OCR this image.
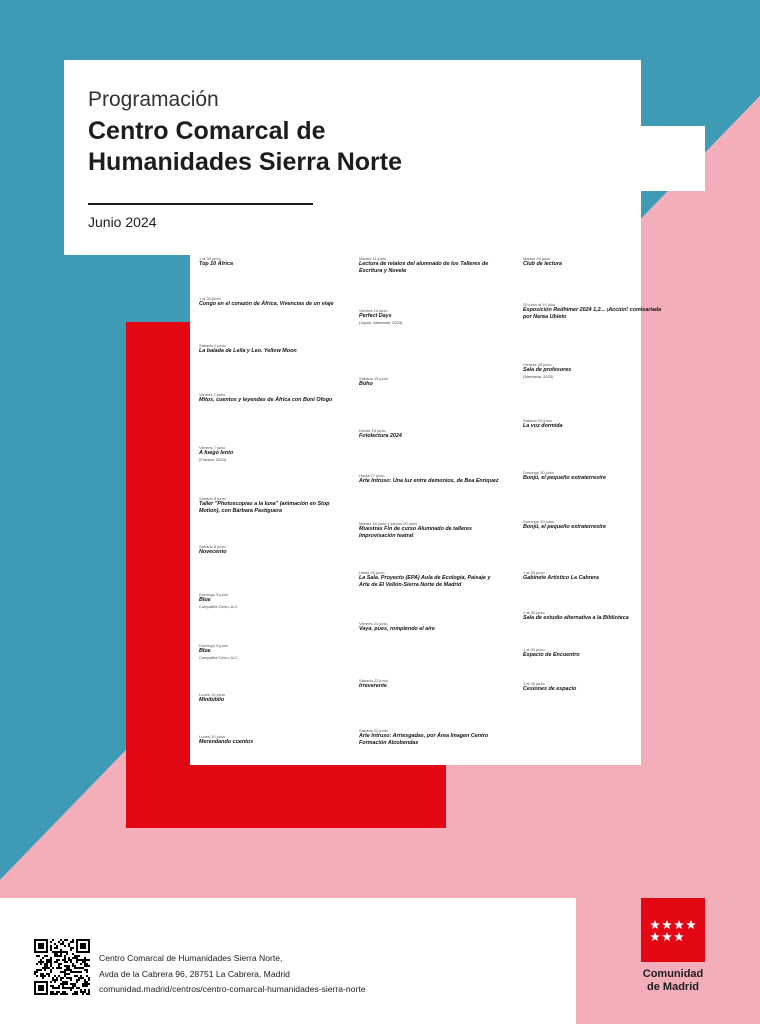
Programación
Centro Comarcal de
Humanidades Sierra Norte
Junio 2024
1 al 30 junio
Top 10 África
1 al 30 junio
Congo en el corazón de África, Vivencias de un viaje
Sábado 1 junio
La balada de Leila y Leo. Yellow Moon
Viernes 7 junio
Mitos, cuentos y leyendas de África con Boni Ofogo
Viernes 7 junio
A fuego lento
(Francia, 2023)
Sábado 8 junio
Taller "Photoscopias a la luna" (animación en Stop Motion), con Bárbara Pastiguera
Sábado 8 junio
Novecento
Domingo 9 junio
Blue
Compañía Cerro, A.C.
Domingo 9 junio
Blue
Compañía Cerro, A.C.
Lunes 10 junio
Minibiblio
Lunes 10 junio
Merendando cuentos
Martes 11 junio
Lectura de relatos del alumnado de los Talleres de Escritura y Novela
Viernes 14 junio
Perfect Days
(Japón, Alemania, 2023)
Sábado 15 junio
Búho
Desde 15 junio
Fotolectura 2024
Hasta 17 junio
Arte Intruso: Una luz entre demonios, de Bea Enríquez
Martes 18 junio y jueves 20 junio
Muestras Fin de curso Alumnado de talleres Improvisación teatral
Hasta 20 junio
La Sala. Proyecto (EPA) Aula de Ecología, Paisaje y Arte de El Vellón-Sierra Norte de Madrid
Viernes 21 junio
Vaya, pues, rompiendo el aire
Sábado 22 junio
Irreverente
Sábado 22 junio
Arte Intruso: Arriesgadas, por Área Imagen Centro Formación Alcobendas
Martes 25 junio
Club de lectura
25 junio al 10 julio
Exposición Redhimer 2024 1,2... ¡Acción! comisariada por Nerea Ubieto
Viernes 28 junio
Sala de profesores
(Alemania, 2023)
Sábado 29 junio
La voz dormida
Domingo 30 junio
Bonjú, el pequeño extraterrestre
Domingo 30 junio
Bonjú, el pequeño extraterrestre
1 al 30 junio
Gabinete Artístico La Cabrera
1 al 30 junio
Sala de estudio alternativa a la Biblioteca
1 al 30 junio
Espacio de Encuentro
1 al 30 junio
Cesiones de espacio
Centro Comarcal de Humanidades Sierra Norte,
Avda de la Cabrera 96, 28751 La Cabrera, Madrid
comunidad.madrid/centros/centro-comarcal-humanidades-sierra-norte
Comunidad
de Madrid
